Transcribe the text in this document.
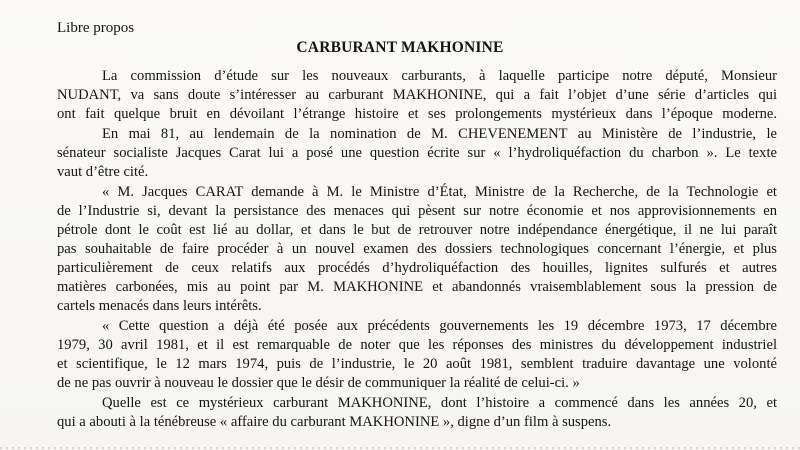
Libre propos
CARBURANT MAKHONINE
La commission d’étude sur les nouveaux carburants, à laquelle participe notre député, Monsieur
NUDANT, va sans doute s’intéresser au carburant MAKHONINE, qui a fait l’objet d’une série d’articles qui
ont fait quelque bruit en dévoilant l’étrange histoire et ses prolongements mystérieux dans l’époque moderne.
En mai 81, au lendemain de la nomination de M. CHEVENEMENT au Ministère de l’industrie, le
sénateur socialiste Jacques Carat lui a posé une question écrite sur « l’hydroliquéfaction du charbon ». Le texte
vaut d’être cité.
« M. Jacques CARAT demande à M. le Ministre d’État, Ministre de la Recherche, de la Technologie et
de l’Industrie si, devant la persistance des menaces qui pèsent sur notre économie et nos approvisionnements en
pétrole dont le coût est lié au dollar, et dans le but de retrouver notre indépendance énergétique, il ne lui paraît
pas souhaitable de faire procéder à un nouvel examen des dossiers technologiques concernant l’énergie, et plus
particulièrement de ceux relatifs aux procédés d’hydroliquéfaction des houilles, lignites sulfurés et autres
matières carbonées, mis au point par M. MAKHONINE et abandonnés vraisemblablement sous la pression de
cartels menacés dans leurs intérêts.
« Cette question a déjà été posée aux précédents gouvernements les 19 décembre 1973, 17 décembre
1979, 30 avril 1981, et il est remarquable de noter que les réponses des ministres du développement industriel
et scientifique, le 12 mars 1974, puis de l’industrie, le 20 août 1981, semblent traduire davantage une volonté
de ne pas ouvrir à nouveau le dossier que le désir de communiquer la réalité de celui-ci. »
Quelle est ce mystérieux carburant MAKHONINE, dont l’histoire a commencé dans les années 20, et
qui a abouti à la ténébreuse « affaire du carburant MAKHONINE », digne d’un film à suspens.
